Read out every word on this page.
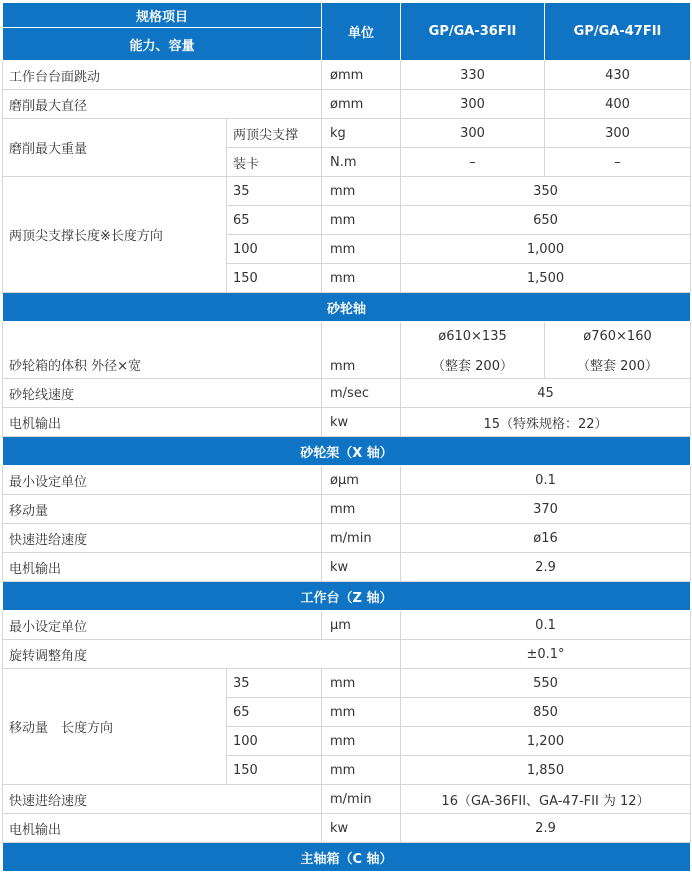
规格项目		单位	GP/GA-36FII	GP/GA-47FII
能力、容量				
工作台台面跳动		ømm	330	430
磨削最大直径		ømm	300	400
磨削最大重量	两顶尖支撑	kg	300	300
	装卡	N.m	–	–
两顶尖支撑长度※长度方向	35	mm	350	
	65	mm	650	
	100	mm	1,000	
	150	mm	1,500	
砂轮轴				
砂轮箱的体积 外径×宽		mm	ø610×135	ø760×160
			（整套 200）	（整套 200）
砂轮线速度		m/sec	45	
电机输出		kw	15（特殊规格：22）	
砂轮架（X 轴）				
最小设定单位		øμm	0.1	
移动量		mm	370	
快速进给速度		m/min	ø16	
电机输出		kw	2.9	
工作台（Z 轴）				
最小设定单位		μm	0.1	
旋转调整角度			±0.1°	
移动量　长度方向	35	mm	550	
	65	mm	850	
	100	mm	1,200	
	150	mm	1,850	
快速进给速度		m/min	16（GA-36FII、GA-47-FII 为 12）	
电机输出		kw	2.9	
主轴箱（C 轴）				
